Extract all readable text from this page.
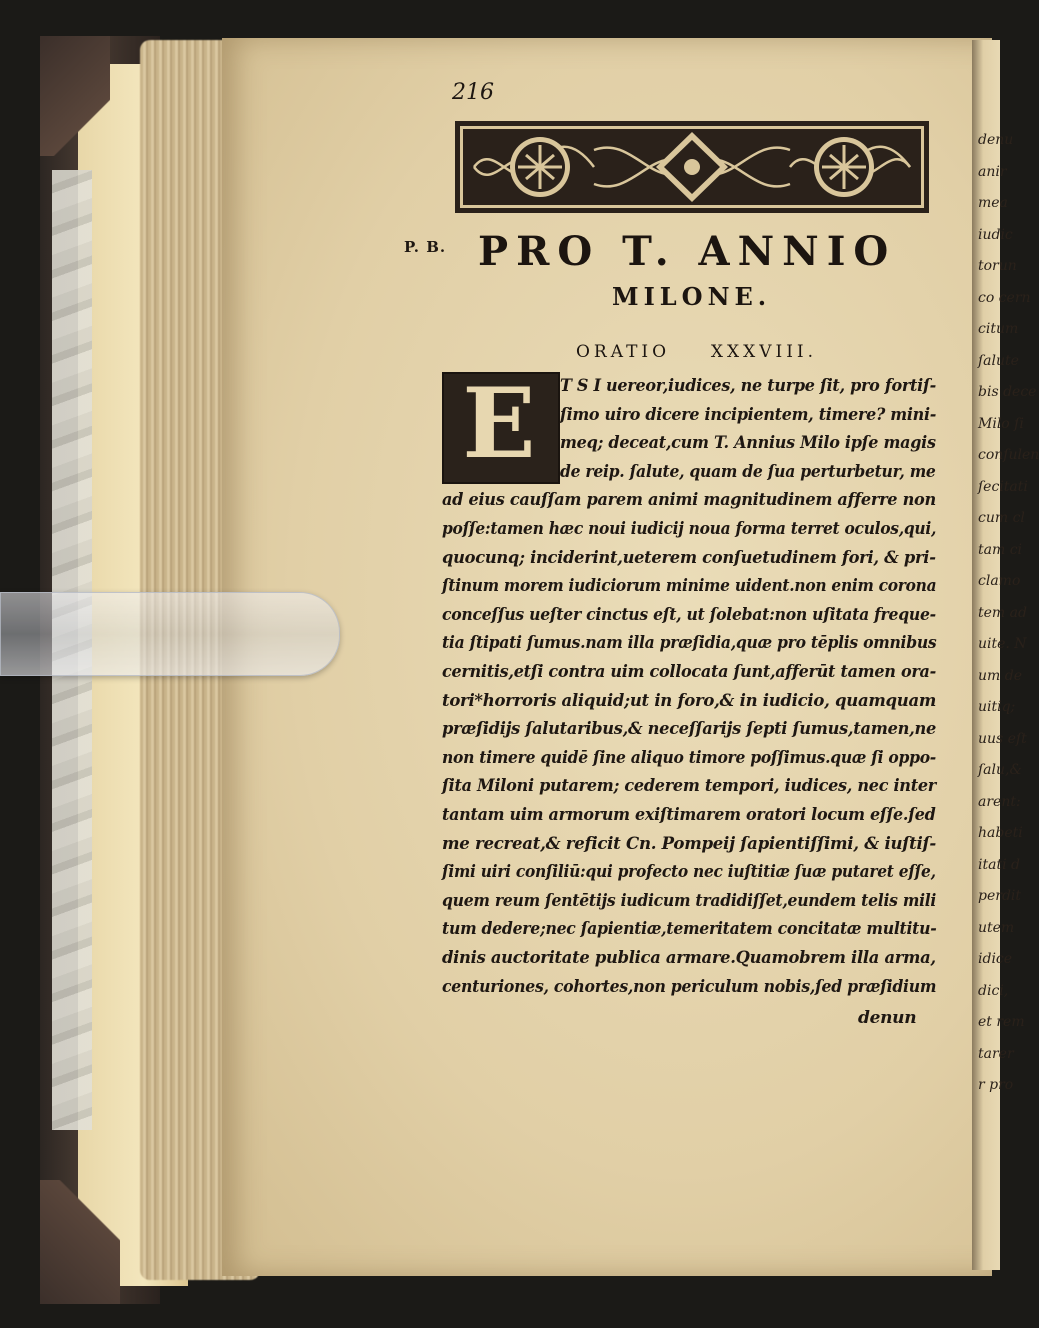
denu
anir
mea
iudic
torun
co cern
citum
ſalute
bis dece
Milo ſi
conſulen
ſecitati
cum cl
tam ci
clamo
tem ad
uite. N
um de
uitiq;
uus eſt
ſalu,&
arent:
habeti
itati d
perdit
utem
idice
dici,
et rem
tarer
r pro
216
P. B. PRO T. ANNIO
MILONE.
ORATIO XXXVIII.
E	T S I uereor,iudices, ne turpe ſit, pro fortiſ-
ſimo uiro dicere incipientem, timere? mini-
meq; deceat,cum T. Annius Milo ipſe magis
de reip. ſalute, quam de ſua perturbetur, me
ad eius cauſſam parem animi magnitudinem afferre non
poſſe:tamen hæc noui iudicij noua forma terret oculos,qui,
quocunq; inciderint,ueterem conſuetudinem fori, & pri-
ſtinum morem iudiciorum minime uident.non enim corona
conceſſus ueſter cinctus eſt, ut ſolebat:non uſitata freque-
tia ſtipati ſumus.nam illa præſidia,quæ pro tēplis omnibus
cernitis,etſi contra uim collocata ſunt,afferūt tamen ora-
tori*horroris aliquid;ut in foro,& in iudicio, quamquam
præſidijs ſalutaribus,& neceſſarijs ſepti ſumus,tamen,ne
non timere quidē ſine aliquo timore poſſimus.quæ ſi oppo-
ſita Miloni putarem; cederem tempori, iudices, nec inter
tantam uim armorum exiſtimarem oratori locum eſſe.ſed
me recreat,& reficit Cn. Pompeij ſapientiſſimi, & iuſtiſ-
ſimi uiri conſiliū:qui profecto nec iuſtitiæ ſuæ putaret eſſe,
quem reum ſentētijs iudicum tradidiſſet,eundem telis mili
tum dedere;nec ſapientiæ,temeritatem concitatæ multitu-
dinis auctoritate publica armare.Quamobrem illa arma,
centuriones, cohortes,non periculum nobis,ſed præſidium
denun
